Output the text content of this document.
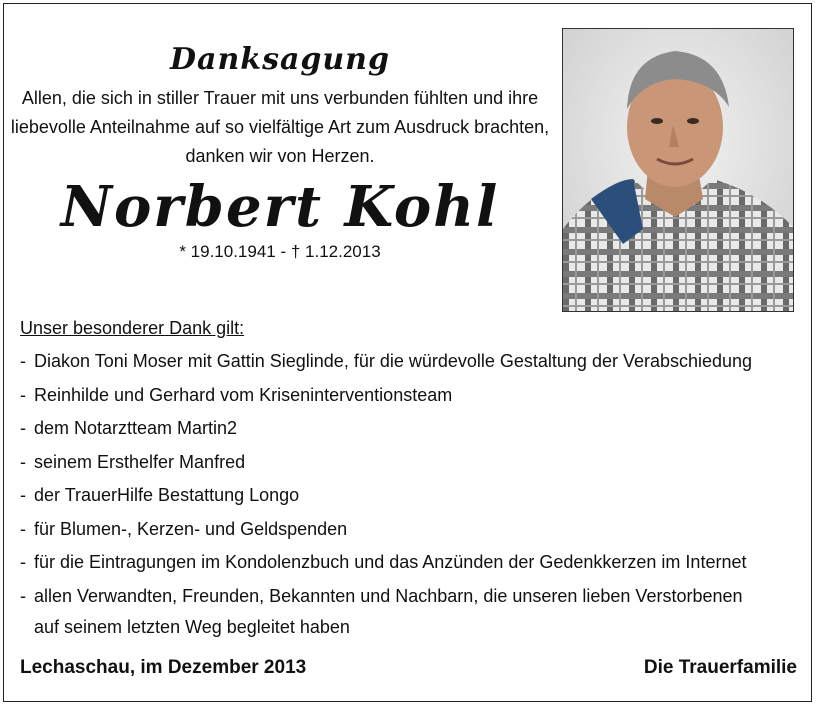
Danksagung

Allen, die sich in stiller Trauer mit uns verbunden fühlten und ihre
liebevolle Anteilnahme auf so vielfältige Art zum Ausdruck brachten,
danken wir von Herzen.

Norbert Kohl

* 19.10.1941 - † 1.12.2013

Unser besonderer Dank gilt:

- Diakon Toni Moser mit Gattin Sieglinde, für die würdevolle Gestaltung der Verabschiedung
- Reinhilde und Gerhard vom Kriseninterventionsteam
- dem Notarztteam Martin2
- seinem Ersthelfer Manfred
- der TrauerHilfe Bestattung Longo
- für Blumen-, Kerzen- und Geldspenden
- für die Eintragungen im Kondolenzbuch und das Anzünden der Gedenkkerzen im Internet
- allen Verwandten, Freunden, Bekannten und Nachbarn, die unseren lieben Verstorbenen
auf seinem letzten Weg begleitet haben
Lechaschau, im Dezember 2013	Die Trauerfamilie
